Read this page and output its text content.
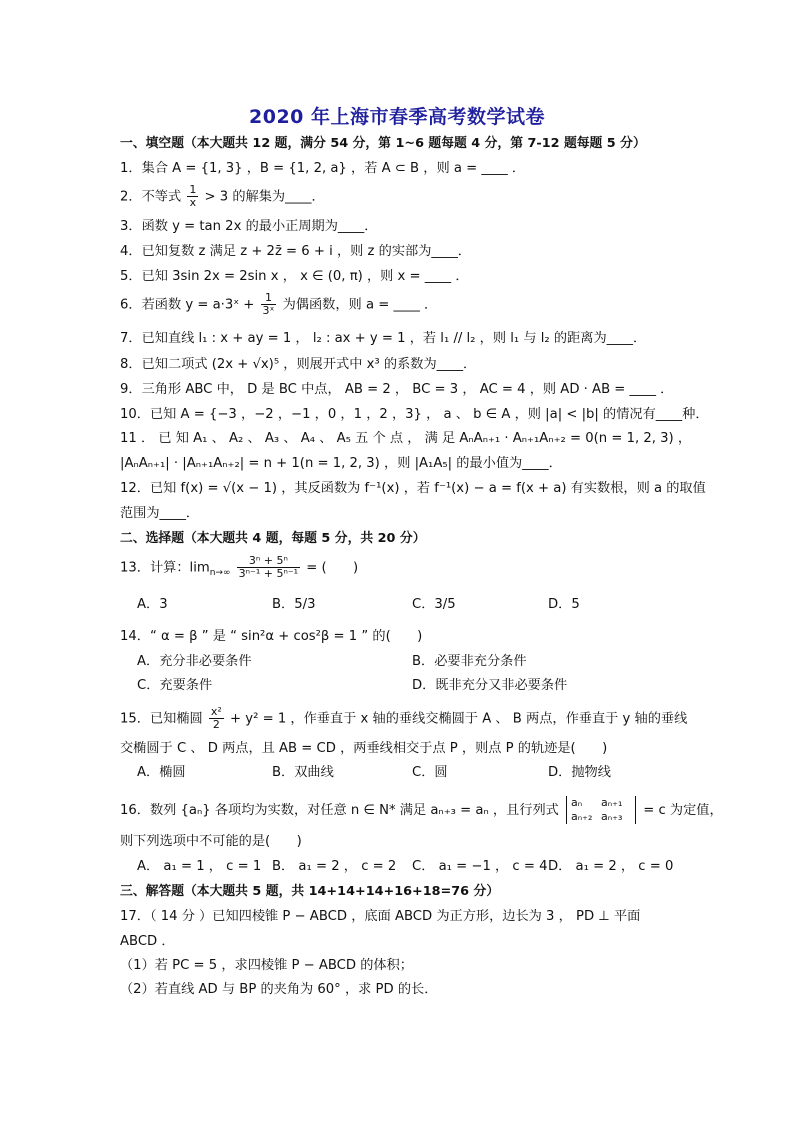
2020 年上海市春季高考数学试卷
一、填空题（本大题共 12 题，满分 54 分，第 1~6 题每题 4 分，第 7-12 题每题 5 分）
1．集合 A = {1, 3} ，B = {1, 2, a} ，若 A ⊂ B ，则 a = ____ ．
2．不等式 $\frac{1}{x} > 3$ 的解集为____．
3．函数 y = tan 2x 的最小正周期为____．
4．已知复数 z 满足 z + 2z̄ = 6 + i ，则 z 的实部为____．
5．已知 3sin 2x = 2sin x ， x ∈ (0, π) ，则 x = ____ ．
6．若函数 y = a·3ˣ + $\frac{1}{\text{3ˣ}}$ 为偶函数，则 a = ____ ．
7．已知直线 l₁ : x + ay = 1 ， l₂ : ax + y = 1 ，若 l₁ // l₂ ，则 l₁ 与 l₂ 的距离为____．
8．已知二项式 (2x + √x)⁵ ，则展开式中 x³ 的系数为____．
9．三角形 ABC 中， D 是 BC 中点， AB = 2 ， BC = 3 ， AC = 4 ，则 AD · AB = ____ ．
10．已知 A = {−3 ，−2 ，−1 ，0 ，1 ，2 ，3} ， a 、 b ∈ A ，则 |a| < |b| 的情况有____种．
11 ． 已 知 A₁ 、 A₂ 、 A₃ 、 A₄ 、 A₅ 五 个 点 ， 满 足 AₙAₙ₊₁ · Aₙ₊₁Aₙ₊₂ = 0(n = 1, 2, 3) ，
|AₙAₙ₊₁| · |Aₙ₊₁Aₙ₊₂| = n + 1(n = 1, 2, 3) ，则 |A₁A₅| 的最小值为____．
12．已知 f(x) = √(x − 1) ，其反函数为 f⁻¹(x) ，若 f⁻¹(x) − a = f(x + a) 有实数根，则 a 的取值
范围为____．
二、选择题（本大题共 4 题，每题 5 分，共 20 分）
13．计算：$\lim_{n\to\infty} \frac{\text{3ⁿ + 5ⁿ}}{\text{3ⁿ⁻¹ + 5ⁿ⁻¹}}$ = (　　)
A．3	B．5/3	C．3/5	D．5
14．“ α = β ” 是 “ sin²α + cos²β = 1 ” 的(　　)
A．充分非必要条件	B．必要非充分条件
C．充要条件	D．既非充分又非必要条件
15．已知椭圆 $\frac{\text{x²}}{2} + y^2 = 1$ ，作垂直于 x 轴的垂线交椭圆于 A 、 B 两点，作垂直于 y 轴的垂线
交椭圆于 C 、 D 两点，且 AB = CD ，两垂线相交于点 P ，则点 P 的轨迹是(　　)
A．椭圆	B．双曲线	C．圆	D．抛物线
16．数列 {aₙ} 各项均为实数，对任意 n ∈ N* 满足 aₙ₊₃ = aₙ ，且行列式 aₙ aₙ₊₁
aₙ₊₂ aₙ₊₃ = c 为定值，
则下列选项中不可能的是(　　)
A． a₁ = 1 ， c = 1 B． a₁ = 2 ， c = 2 C． a₁ = −1 ， c = 4 D． a₁ = 2 ， c = 0
三、解答题（本大题共 5 题，共 14+14+14+16+18=76 分）
17．（ 14 分 ）已知四棱锥 P − ABCD ，底面 ABCD 为正方形，边长为 3 ， PD ⊥ 平面
ABCD ．
（1）若 PC = 5 ，求四棱锥 P − ABCD 的体积；
（2）若直线 AD 与 BP 的夹角为 60° ，求 PD 的长．
